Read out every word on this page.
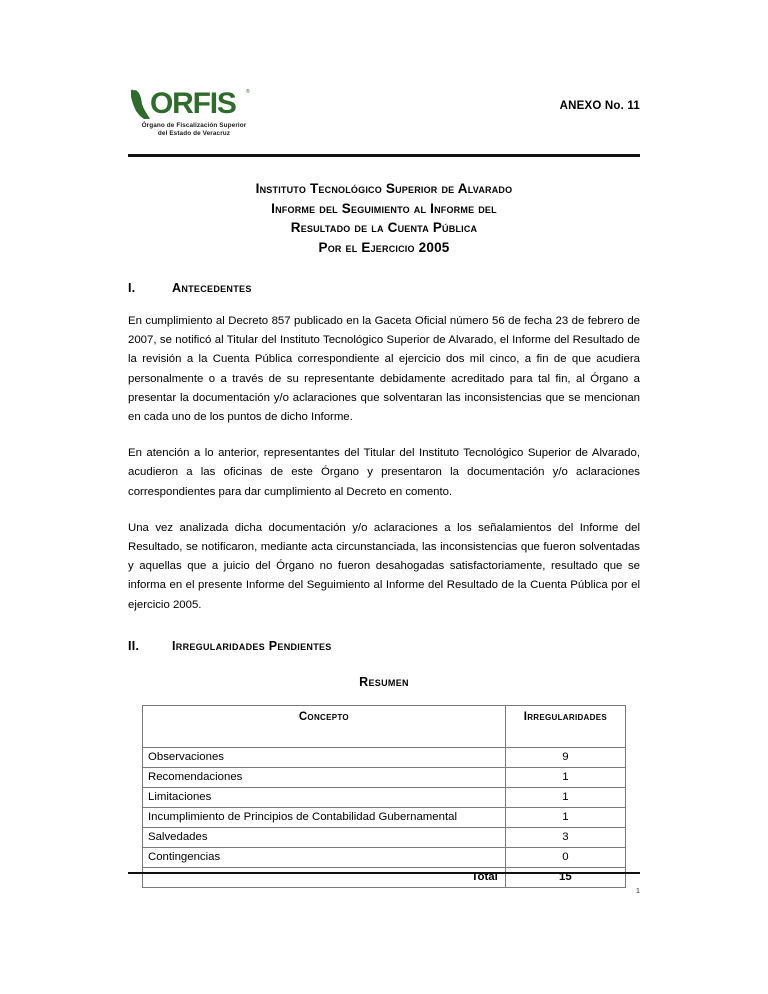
ORFIS ®
Órgano de Fiscalización Superior
del Estado de Veracruz
ANEXO No. 11
Instituto Tecnológico Superior de Alvarado
Informe del Seguimiento al Informe del
Resultado de la Cuenta Pública
Por el Ejercicio 2005
I.	Antecedentes

En cumplimiento al Decreto 857 publicado en la Gaceta Oficial número 56 de fecha 23 de febrero de 2007, se notificó al Titular del Instituto Tecnológico Superior de Alvarado, el Informe del Resultado de la revisión a la Cuenta Pública correspondiente al ejercicio dos mil cinco, a fin de que acudiera personalmente o a través de su representante debidamente acreditado para tal fin, al Órgano a presentar la documentación y/o aclaraciones que solventaran las inconsistencias que se mencionan en cada uno de los puntos de dicho Informe.

En atención a lo anterior, representantes del Titular del Instituto Tecnológico Superior de Alvarado, acudieron a las oficinas de este Órgano y presentaron la documentación y/o aclaraciones correspondientes para dar cumplimiento al Decreto en comento.

Una vez analizada dicha documentación y/o aclaraciones a los señalamientos del Informe del Resultado, se notificaron, mediante acta circunstanciada, las inconsistencias que fueron solventadas y aquellas que a juicio del Órgano no fueron desahogadas satisfactoriamente, resultado que se informa en el presente Informe del Seguimiento al Informe del Resultado de la Cuenta Pública por el ejercicio 2005.

II.	Irregularidades Pendientes
Resumen
Concepto	Irregularidades
Observaciones	9
Recomendaciones	1
Limitaciones	1
Incumplimiento de Principios de Contabilidad Gubernamental	1
Salvedades	3
Contingencias	0
Total	15
1
